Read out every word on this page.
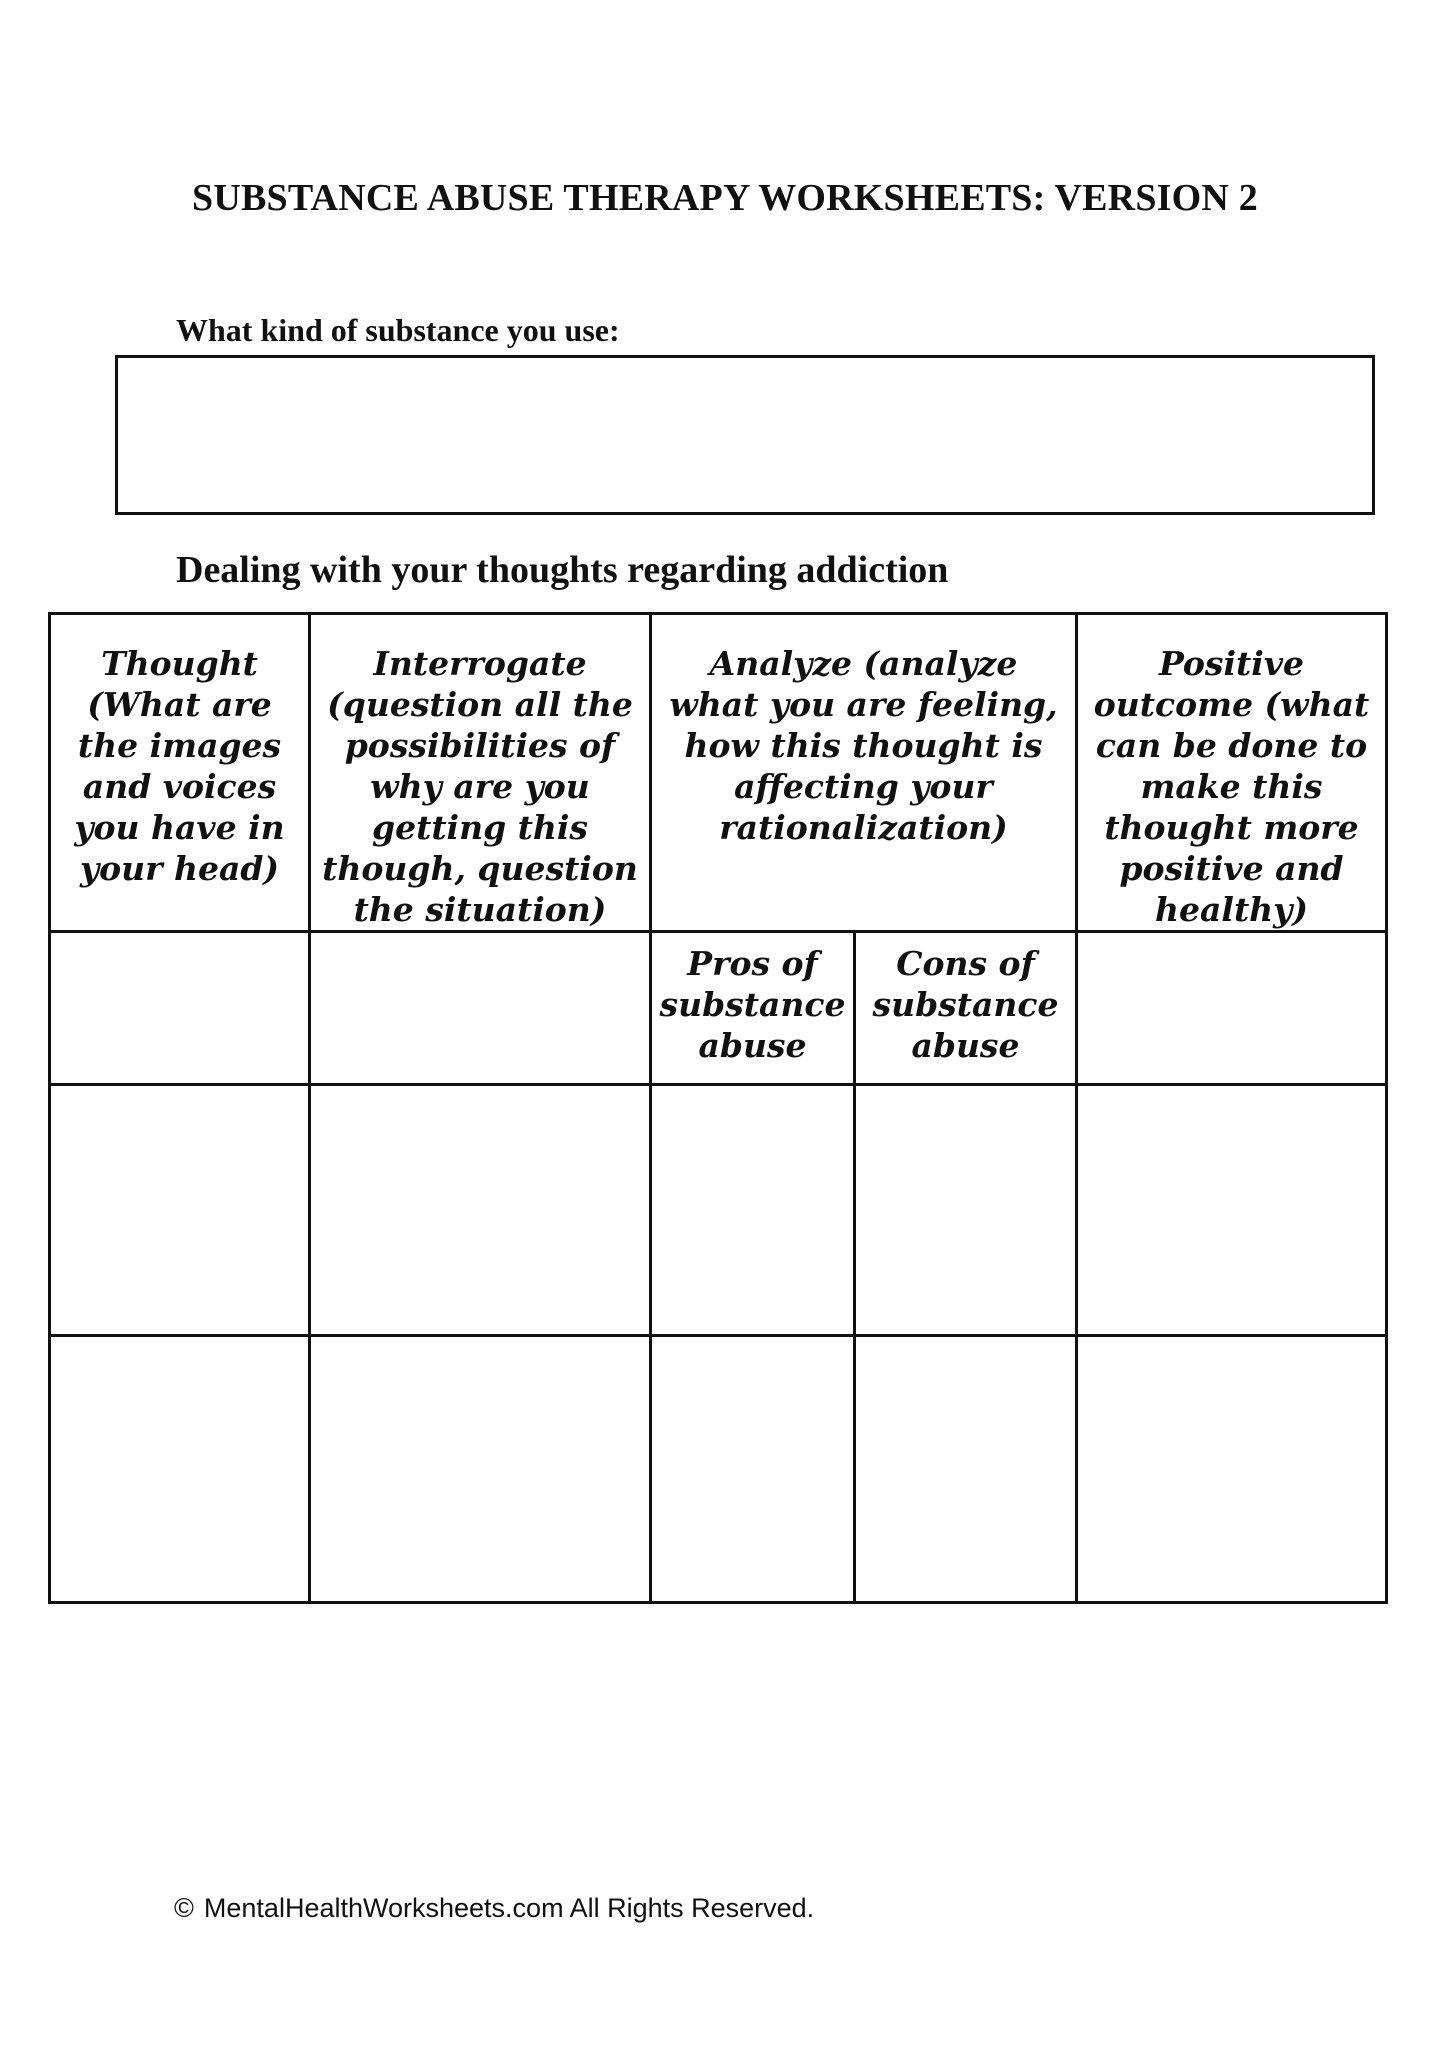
SUBSTANCE ABUSE THERAPY WORKSHEETS: VERSION 2
What kind of substance you use:
Dealing with your thoughts regarding addiction
Thought (What are the images and voices you have in your head)	Interrogate (question all the possibilities of why are you getting this though, question the situation)	Analyze (analyze what you are feeling, how this thought is affecting your rationalization)		Positive outcome (what can be done to make this thought more positive and healthy)

		Pros of substance abuse	Cons of substance abuse	

© MentalHealthWorksheets.com All Rights Reserved.
